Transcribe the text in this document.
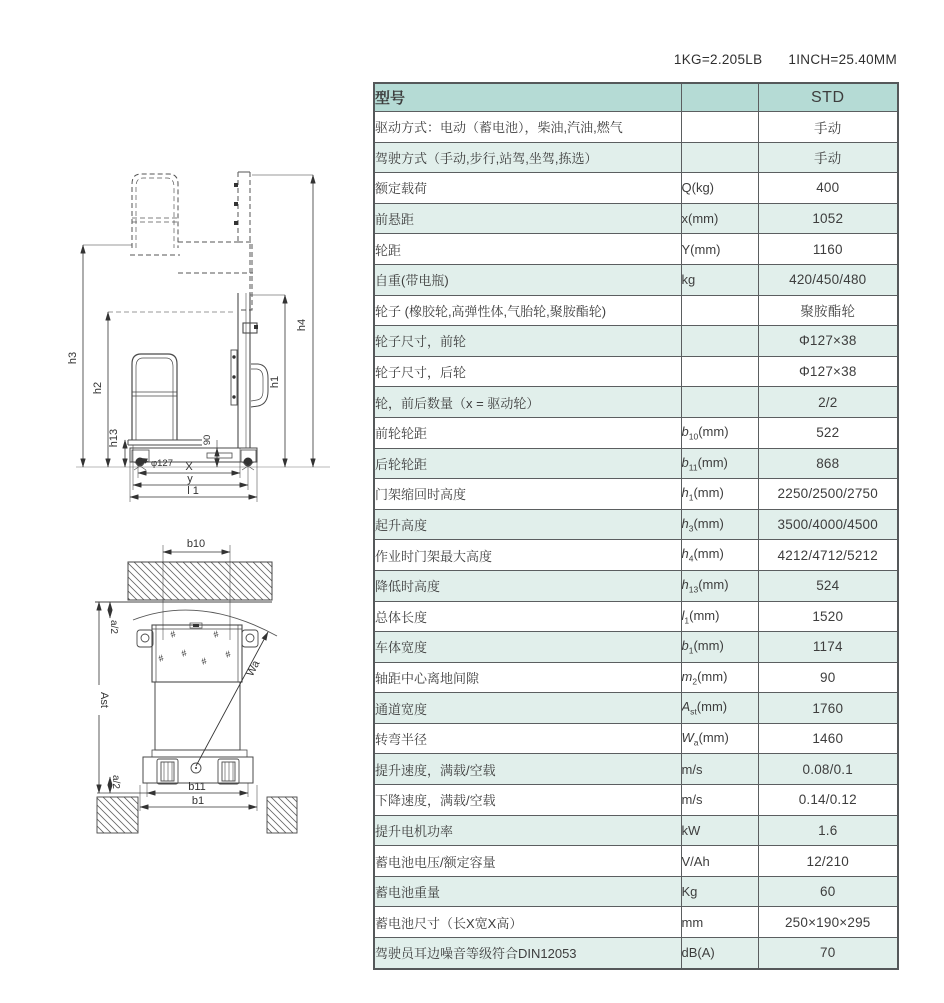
1KG=2.205LB 1INCH=25.40MM
h3
h2
h13
h1
h4
90
φ127 X
y
l 1
#	#
# #
#
#
b10
a/2
Ast
Wa
b11
b1
a/2
型号		STD
驱动方式：电动（蓄电池），柴油,汽油,燃气		手动
驾驶方式（手动,步行,站驾,坐驾,拣选）		手动
额定载荷	Q(kg)	400
前悬距	x(mm)	1052
轮距	Y(mm)	1160
自重(带电瓶)	kg	420/450/480
轮子 (橡胶轮,高弹性体,气胎轮,聚胺酯轮)		聚胺酯轮
轮子尺寸，前轮		Φ127×38
轮子尺寸，后轮		Φ127×38
轮，前后数量（x = 驱动轮）		2/2
前轮轮距	$b_{10}(mm)$	522
后轮轮距	$b_{11}(mm)$	868
门架缩回时高度	$h_1(mm)$	2250/2500/2750
起升高度	$h_3(mm)$	3500/4000/4500
作业时门架最大高度	$h_4(mm)$	4212/4712/5212
降低时高度	$h_{13}(mm)$	524
总体长度	$l_1(mm)$	1520
车体宽度	$b_1(mm)$	1174
轴距中心离地间隙	$m_2(mm)$	90
通道宽度	$A_{st}(mm)$	1760
转弯半径	$W_a(mm)$	1460
提升速度，满载/空载	m/s	0.08/0.1
下降速度，满载/空载	m/s	0.14/0.12
提升电机功率	kW	1.6
蓄电池电压/额定容量	V/Ah	12/210
蓄电池重量	Kg	60
蓄电池尺寸（长X宽X高）	mm	250×190×295
驾驶员耳边噪音等级符合DIN12053	dB(A)	70
